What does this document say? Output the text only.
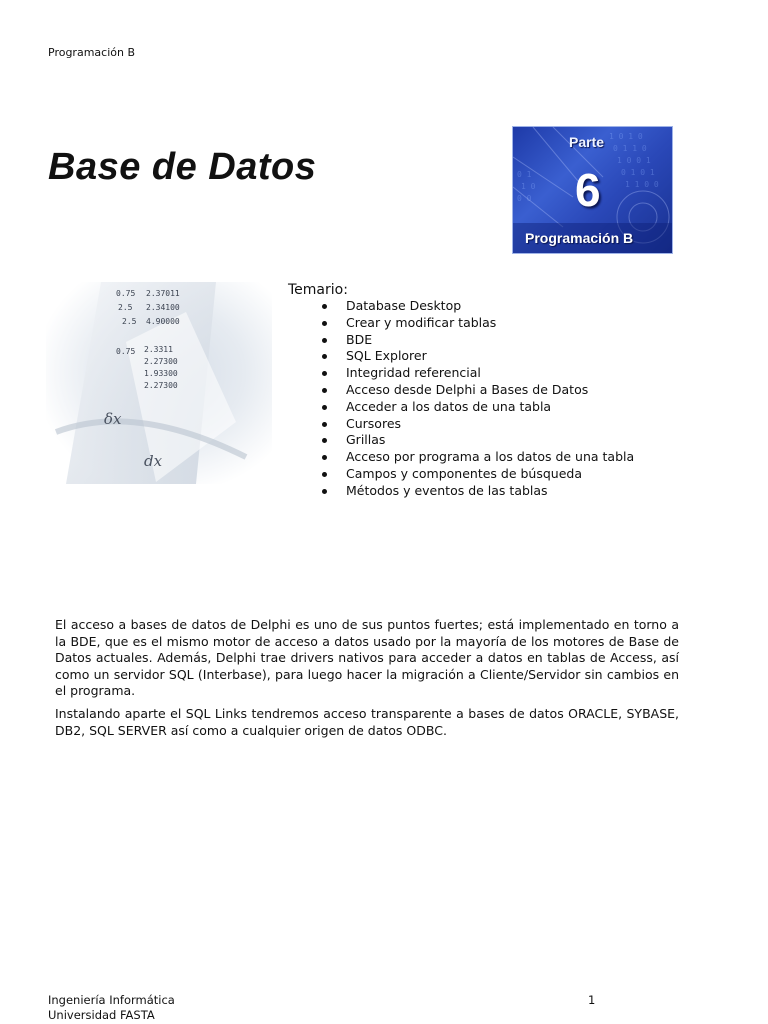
Programación B
Base de Datos
1 0 1 0
0 1 1 0
1 0 0 1
0 1 0 1
1 1 0 0
0 1
1 0
0 0
Parte
6
Programación B
0.75 2.37011
2.5 2.34100
2.5 4.90000
0.75 2.3311
2.27300
1.93300
2.27300
δx
dx
Temario:
Database Desktop
Crear y modificar tablas
BDE
SQL Explorer
Integridad referencial
Acceso desde Delphi a Bases de Datos
Acceder a los datos de una tabla
Cursores
Grillas
Acceso por programa a los datos de una tabla
Campos y componentes de búsqueda
Métodos y eventos de las tablas

El acceso a bases de datos de Delphi es uno de sus puntos fuertes; está implementado en torno a la BDE, que es el mismo motor de acceso a datos usado por la mayoría de los motores de Base de Datos actuales. Además, Delphi trae drivers nativos para acceder a datos en tablas de Access, así como un servidor SQL (Interbase), para luego hacer la migración a Cliente/Servidor sin cambios en el programa.

Instalando aparte el SQL Links tendremos acceso transparente a bases de datos ORACLE, SYBASE, DB2, SQL SERVER así como a cualquier origen de datos ODBC.

Ingeniería Informática
Universidad FASTA
1
